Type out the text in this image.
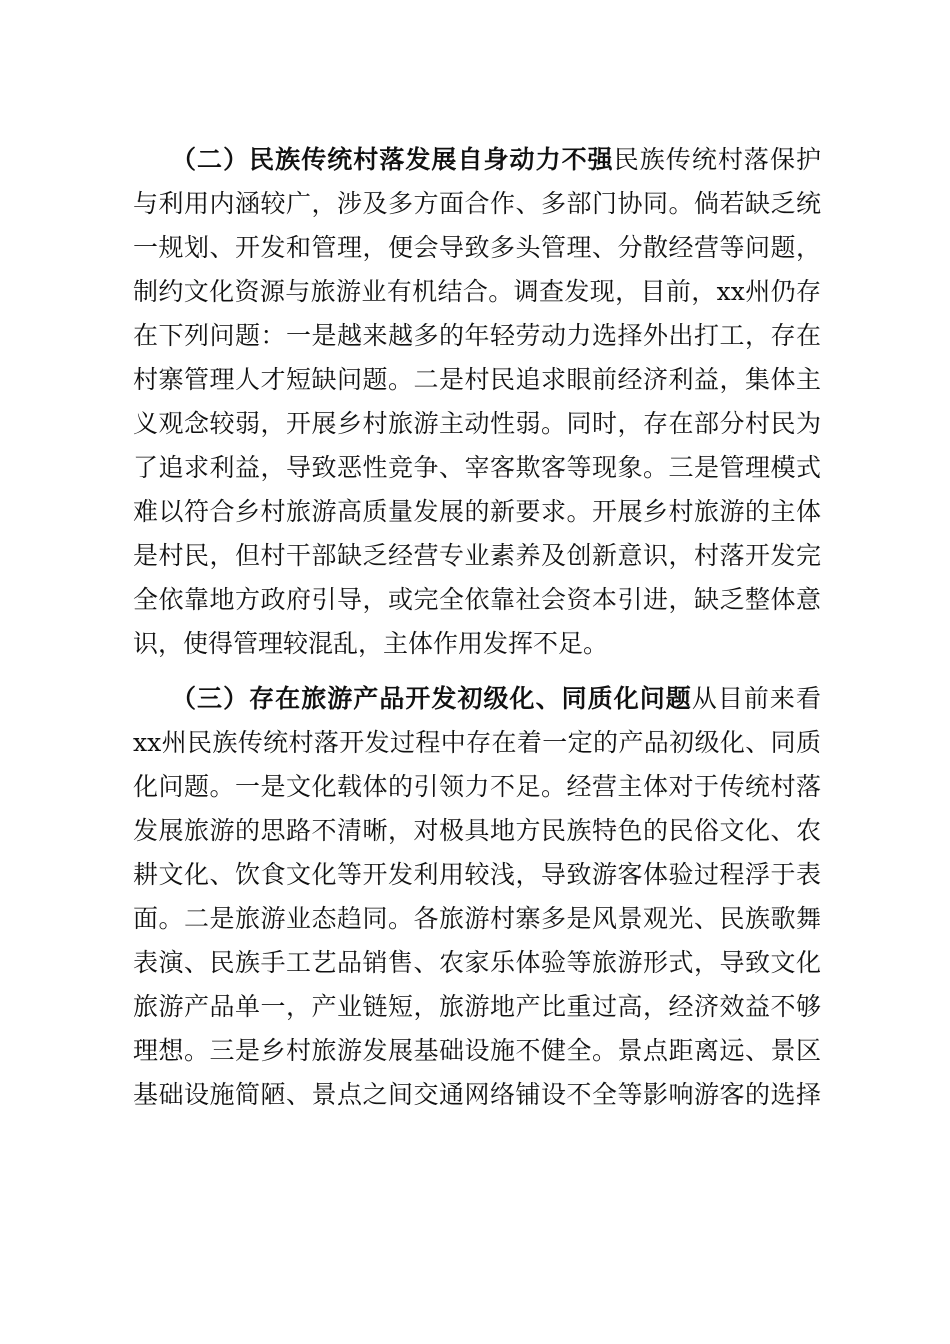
（二）民族传统村落发展自身动力不强民族传统村落保护
与利用内涵较广，涉及多方面合作、多部门协同。倘若缺乏统
一规划、开发和管理，便会导致多头管理、分散经营等问题，
制约文化资源与旅游业有机结合。调查发现，目前，xx州仍存
在下列问题：一是越来越多的年轻劳动力选择外出打工，存在
村寨管理人才短缺问题。二是村民追求眼前经济利益，集体主
义观念较弱，开展乡村旅游主动性弱。同时，存在部分村民为
了追求利益，导致恶性竞争、宰客欺客等现象。三是管理模式
难以符合乡村旅游高质量发展的新要求。开展乡村旅游的主体
是村民，但村干部缺乏经营专业素养及创新意识，村落开发完
全依靠地方政府引导，或完全依靠社会资本引进，缺乏整体意
识，使得管理较混乱，主体作用发挥不足。
（三）存在旅游产品开发初级化、同质化问题从目前来看
xx州民族传统村落开发过程中存在着一定的产品初级化、同质
化问题。一是文化载体的引领力不足。经营主体对于传统村落
发展旅游的思路不清晰，对极具地方民族特色的民俗文化、农
耕文化、饮食文化等开发利用较浅，导致游客体验过程浮于表
面。二是旅游业态趋同。各旅游村寨多是风景观光、民族歌舞
表演、民族手工艺品销售、农家乐体验等旅游形式，导致文化
旅游产品单一，产业链短，旅游地产比重过高，经济效益不够
理想。三是乡村旅游发展基础设施不健全。景点距离远、景区
基础设施简陋、景点之间交通网络铺设不全等影响游客的选择
